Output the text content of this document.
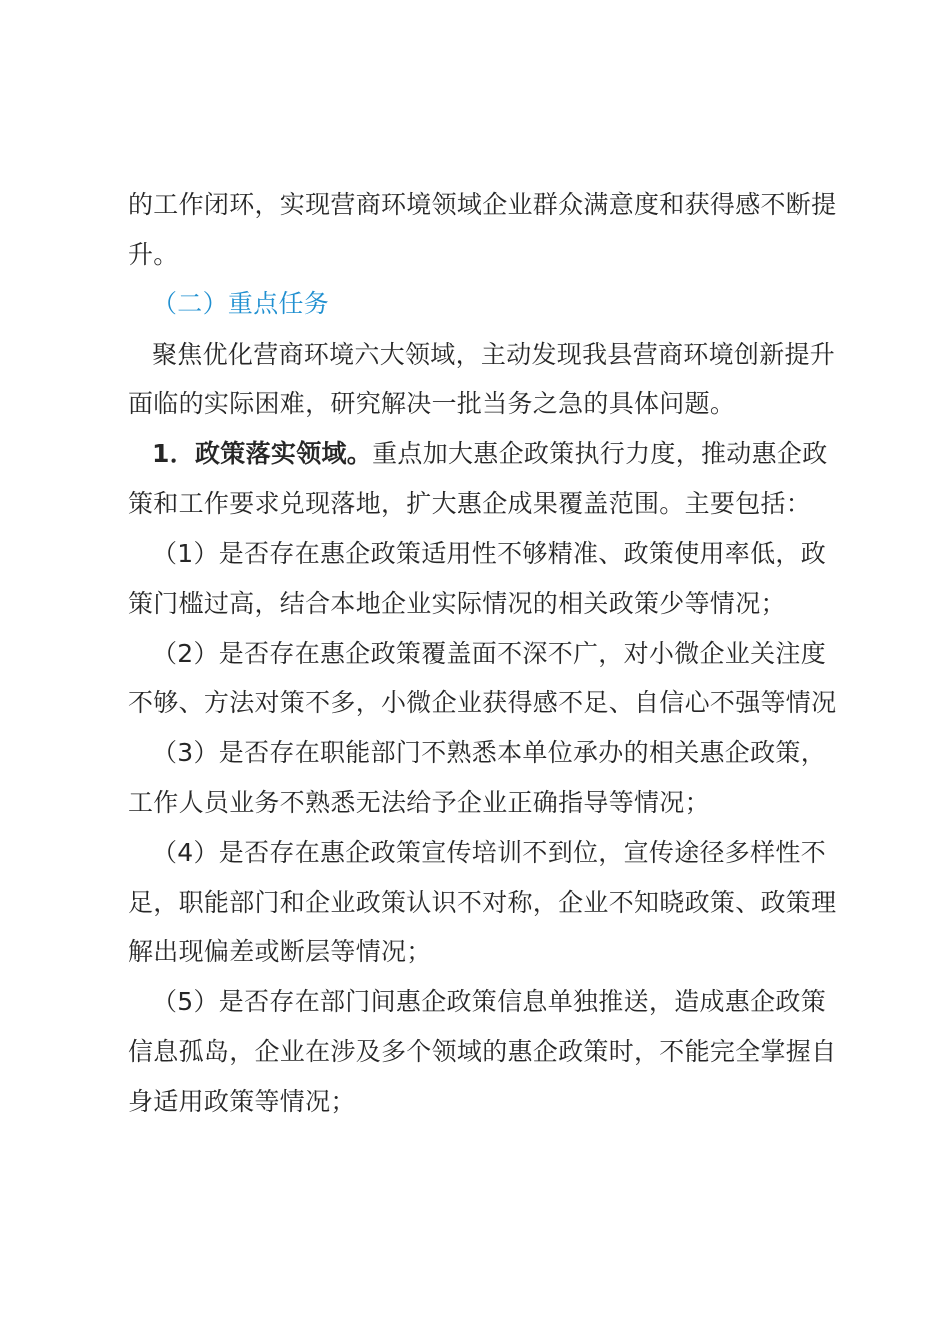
的工作闭环，实现营商环境领域企业群众满意度和获得感不断提
升。
（二）重点任务
聚焦优化营商环境六大领域，主动发现我县营商环境创新提升
面临的实际困难，研究解决一批当务之急的具体问题。
1．政策落实领域。重点加大惠企政策执行力度，推动惠企政
策和工作要求兑现落地，扩大惠企成果覆盖范围。主要包括：
（1）是否存在惠企政策适用性不够精准、政策使用率低，政
策门槛过高，结合本地企业实际情况的相关政策少等情况；
（2）是否存在惠企政策覆盖面不深不广，对小微企业关注度
不够、方法对策不多，小微企业获得感不足、自信心不强等情况
（3）是否存在职能部门不熟悉本单位承办的相关惠企政策，
工作人员业务不熟悉无法给予企业正确指导等情况；
（4）是否存在惠企政策宣传培训不到位，宣传途径多样性不
足，职能部门和企业政策认识不对称，企业不知晓政策、政策理
解出现偏差或断层等情况；
（5）是否存在部门间惠企政策信息单独推送，造成惠企政策
信息孤岛，企业在涉及多个领域的惠企政策时，不能完全掌握自
身适用政策等情况；
